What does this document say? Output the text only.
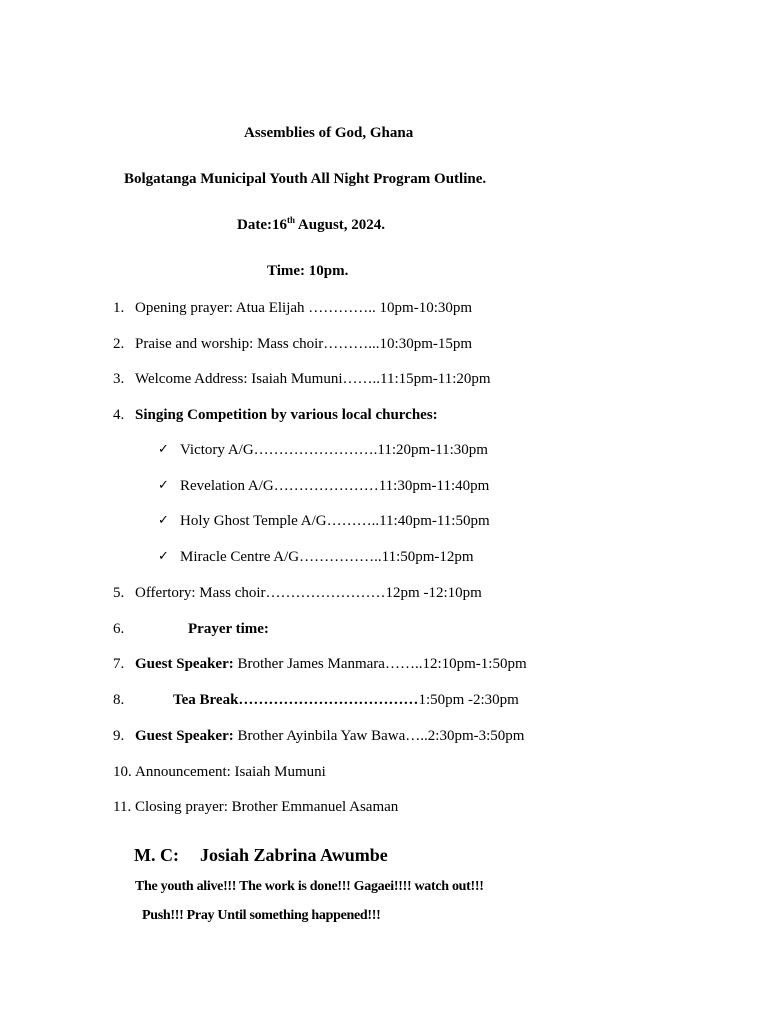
Assemblies of God, Ghana
Bolgatanga Municipal Youth All Night Program Outline.
Date:16th August, 2024.
Time: 10pm.
1. Opening prayer: Atua Elijah ………….. 10pm-10:30pm
2. Praise and worship: Mass choir………...10:30pm-15pm
3. Welcome Address: Isaiah Mumuni……..11:15pm-11:20pm
4. Singing Competition by various local churches:
✓ Victory A/G…………………….11:20pm-11:30pm
✓ Revelation A/G…………………11:30pm-11:40pm
✓ Holy Ghost Temple A/G………..11:40pm-11:50pm
✓ Miracle Centre A/G……………..11:50pm-12pm
5. Offertory: Mass choir……………………12pm -12:10pm
6.	Prayer time:
7. Guest Speaker: Brother James Manmara……..12:10pm-1:50pm
8.	Tea Break………………………………1:50pm -2:30pm
9. Guest Speaker: Brother Ayinbila Yaw Bawa…..2:30pm-3:50pm
10. Announcement: Isaiah Mumuni
11. Closing prayer: Brother Emmanuel Asaman
M. C: Josiah Zabrina Awumbe
The youth alive!!! The work is done!!! Gagaei!!!! watch out!!!
Push!!! Pray Until something happened!!!
